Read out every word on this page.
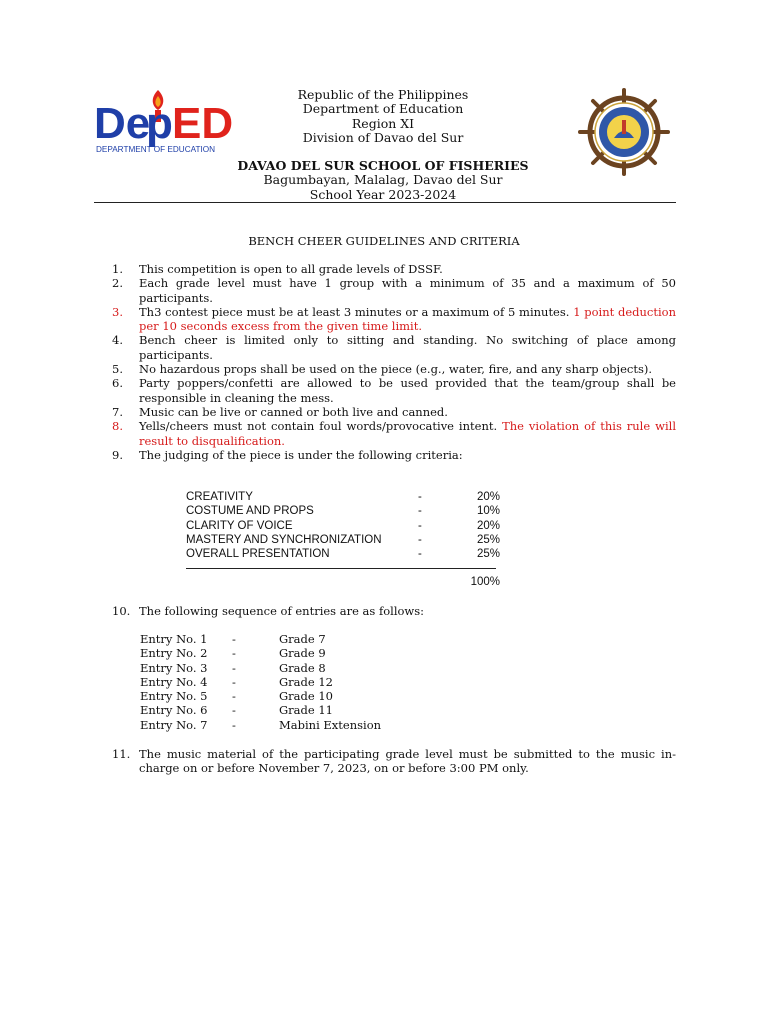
De
p ED
DEPARTMENT OF EDUCATION
Republic of the Philippines
Department of Education
Region XI
Division of Davao del Sur
DAVAO DEL SUR SCHOOL OF FISHERIES
Bagumbayan, Malalag, Davao del Sur
School Year 2023-2024
BENCH CHEER GUIDELINES AND CRITERIA
1.	This competition is open to all grade levels of DSSF.
2.	Each grade level must have 1 group with a minimum of 35 and a maximum of 50 participants.
3.	Th3 contest piece must be at least 3 minutes or a maximum of 5 minutes. 1 point deduction per 10 seconds excess from the given time limit.
4.	Bench cheer is limited only to sitting and standing. No switching of place among participants.
5.	No hazardous props shall be used on the piece (e.g., water, fire, and any sharp objects).
6.	Party poppers/confetti are allowed to be used provided that the team/group shall be responsible in cleaning the mess.
7.	Music can be live or canned or both live and canned.
8.	Yells/cheers must not contain foul words/provocative intent. The violation of this rule will result to disqualification.
9.	The judging of the piece is under the following criteria:
CREATIVITY	-	20%
COSTUME AND PROPS	-	10%
CLARITY OF VOICE	-	20%
MASTERY AND SYNCHRONIZATION	-	25%
OVERALL PRESENTATION	-	25%
100%
10. The following sequence of entries are as follows:
Entry No. 1	-	Grade 7
Entry No. 2	-	Grade 9
Entry No. 3	-	Grade 8
Entry No. 4	-	Grade 12
Entry No. 5	-	Grade 10
Entry No. 6	-	Grade 11
Entry No. 7	-	Mabini Extension
11. The music material of the participating grade level must be submitted to the music in-charge on or before November 7, 2023, on or before 3:00 PM only.
